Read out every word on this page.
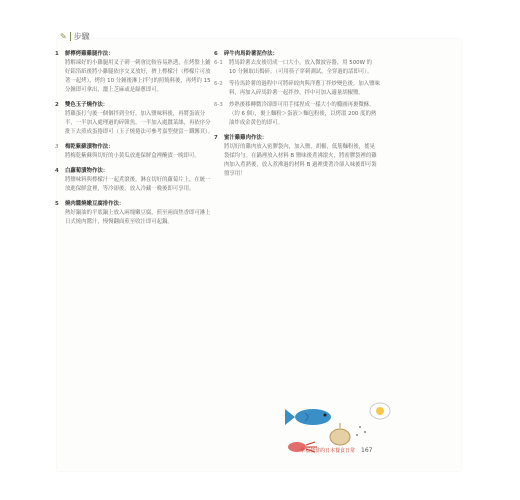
✎ 步驟
1	鮮檸烤雞雞腿作法：
將解凍好的小雞腿用叉子刺一刺會比較容易熟透，在烤盤上鋪好鋁箔紙後將小雞腿依序交叉放好，擠上檸檬汁（檸檬片可放著一起烤），烤約 10 分鐘後淋上拌勻的照燒料後，再烤約 15 分鐘即可拿出，灑上芝麻或是綠蔥即可。
2	雙色玉子燒作法：
將雞蛋打勻後一個個拌到全好，加入鹽味料後，再將蛋液分半，一半加入處理過的碎韓魚，一半加入處蠶菜絲，再依序分批下去煎成蛋捲即可（玉子燒捲法可參考嘉型便當－鐵馨頁）。
3	梅乾紫蘇漬物作法：
將梅乾紫蘇與切好的小黃瓜放進保鮮盒裡醃漬一晚即可。
4	白蘿蔔漬物作法：
將鹽味料與檸檬汁一起煮滾後，淋在切好的蘿蔔片上，在統一放進保鮮盒裡，等冷卻後，放入冷藏一晚後即可享用。
5	燒肉醬燒嫩豆腐排作法：
熱好鍋油的平底鍋上放入兩塊嫩豆腐，煎至兩面焦香即可淋上日式燒肉醬汁，慢慢翻面煎至收汁即可起鍋。
6	碎牛肉馬鈴薯泥作法：
6-1	將馬鈴薯去皮後切成一口大小，放入微波容器，用 500W 的 10 分鐘取出搗碎。（可用筷子穿刺測試，全穿過的話即可）。
6-2	等待馬鈴薯的過程中可將碎絞肉與洋蔥丁拌炒變色後，加入鹽味料，再加入碎馬鈴薯一起拌炒，拌中可加入適量胡椒鹽。
6-3	炒熟後移轉微冷卻即可用手揉捏成一樣大小的橢圓再裹微酥，（約 6 個），裹上麵粉＞蛋液＞麵包粉後，以烤溫 200 度的熱油炸成金黃色的即可。
7	蜜汁雞雞肉作法：
將切好的雞肉放入密膠袋內，加入鹽，胡椒，低筋麵粉後，搖晃袋揉均勻。在鍋裡放入材料 B 鹽味後煮沸滾火，將密膠袋裡的雞肉加入煮熟後，放入煮沸過的材料 B 過裡燙著冷卻入味後即可裝盤享用！
幸福便當的日本餐食日常 167
